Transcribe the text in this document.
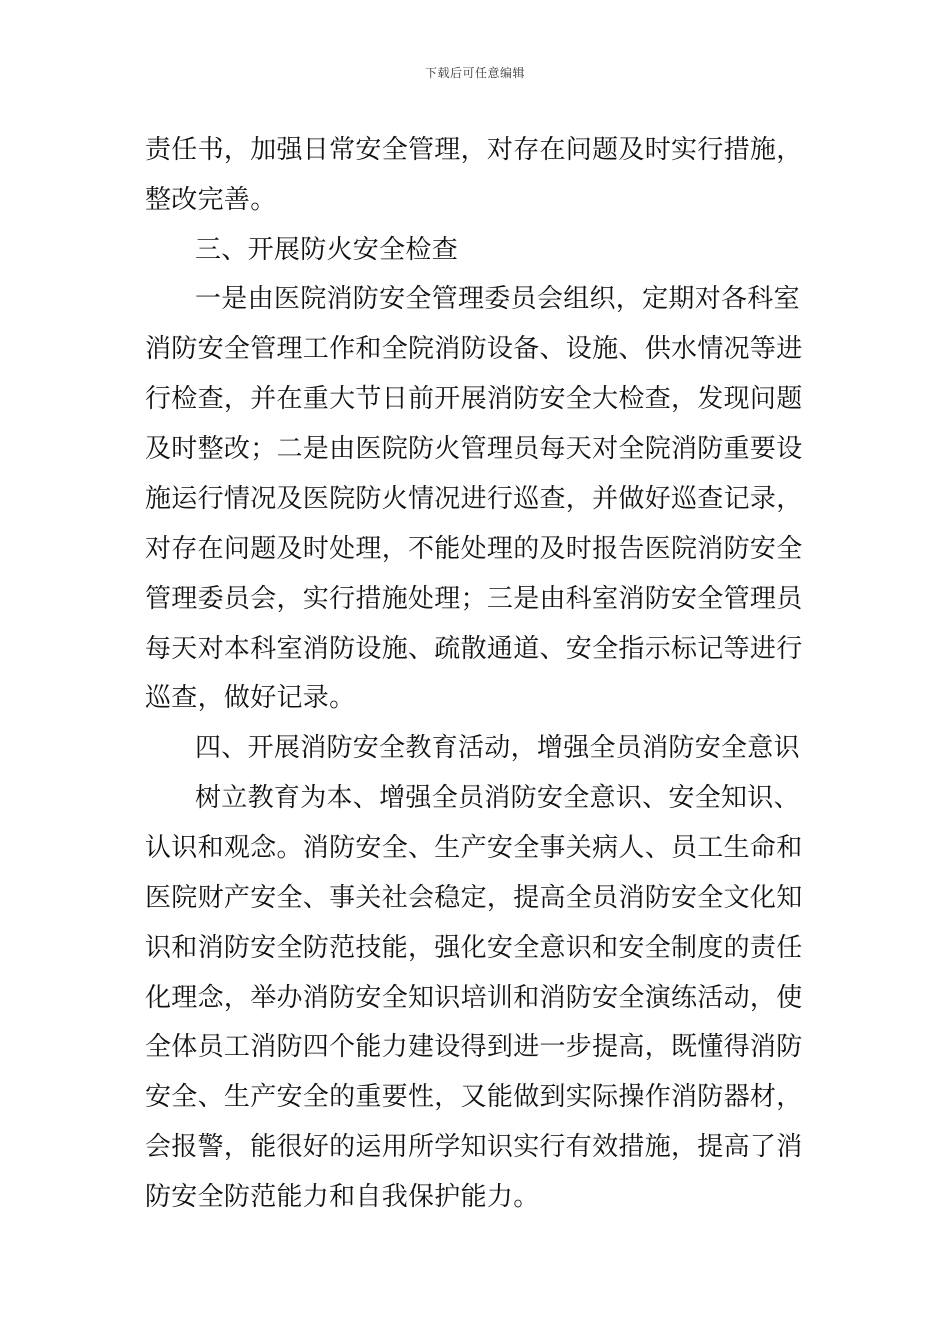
下载后可任意编辑
责任书，加强日常安全管理，对存在问题及时实行措施，
整改完善。
三、开展防火安全检查
一是由医院消防安全管理委员会组织，定期对各科室
消防安全管理工作和全院消防设备、设施、供水情况等进
行检查，并在重大节日前开展消防安全大检查，发现问题
及时整改；二是由医院防火管理员每天对全院消防重要设
施运行情况及医院防火情况进行巡查，并做好巡查记录，
对存在问题及时处理，不能处理的及时报告医院消防安全
管理委员会，实行措施处理；三是由科室消防安全管理员
每天对本科室消防设施、疏散通道、安全指示标记等进行
巡查，做好记录。
四、开展消防安全教育活动，增强全员消防安全意识
树立教育为本、增强全员消防安全意识、安全知识、
认识和观念。消防安全、生产安全事关病人、员工生命和
医院财产安全、事关社会稳定，提高全员消防安全文化知
识和消防安全防范技能，强化安全意识和安全制度的责任
化理念，举办消防安全知识培训和消防安全演练活动，使
全体员工消防四个能力建设得到进一步提高，既懂得消防
安全、生产安全的重要性，又能做到实际操作消防器材，
会报警，能很好的运用所学知识实行有效措施，提高了消
防安全防范能力和自我保护能力。
